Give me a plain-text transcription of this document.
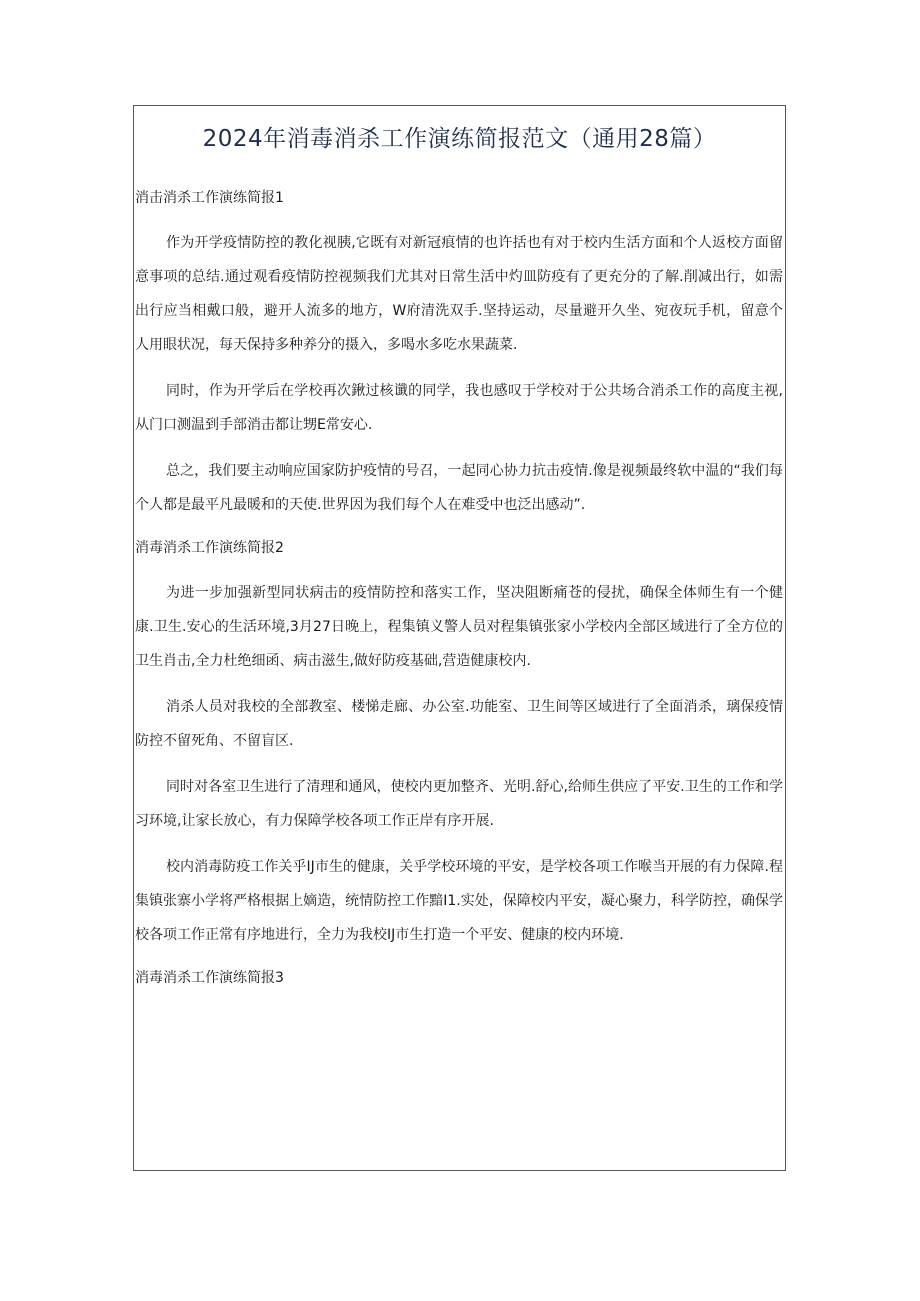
2024年消毒消杀工作演练简报范文（通用28篇）
消击消杀工作演练简报1

作为开学疫情防控的教化视胰,它既有对新冠痕情的也许括也有对于校内生活方面和个人返校方面留意事项的总结.通过观看疫情防控视频我们尤其对日常生活中灼皿防疫有了更充分的了解.削减出行，如需出行应当相戴口般，避开人流多的地方，W府清洗双手.坚持运动，尽量避开久坐、宛夜玩手机，留意个人用眼状况，每天保持多种养分的摄入，多喝水多吃水果蔬菜.

同时，作为开学后在学校再次鍬过核谶的同学，我也感叹于学校对于公共场合消杀工作的高度主视,从门口测温到手部消击都让甥E常安心.

总之，我们要主动响应国家防护疫情的号召，一起同心协力抗击疫情.像是视频最终软中温的“我们每个人都是最平凡最暖和的天使.世界因为我们每个人在难受中也泛出感动”.

消毒消杀工作演练简报2

为进一步加强新型同状病击的疫情防控和落实工作，坚决阻断痛苍的侵扰，确保全体师生有一个健康.卫生.安心的生活环境,3月27日晚上，程集镇义警人员对程集镇张家小学校内全部区域进行了全方位的卫生肖击,全力杜绝细函、病击滋生,做好防疫基础,营造健康校内.

消杀人员对我校的全部教室、楼悌走廊、办公室.功能室、卫生间等区域进行了全面消杀，璃保疫情防控不留死角、不留盲区.

同时对各室卫生进行了清理和通风，使校内更加整齐、光明.舒心,给师生供应了平安.卫生的工作和学习环境,让家长放心，有力保障学校各项工作正岸有序开展.

校内消毒防疫工作关乎IJ市生的健康，关乎学校环境的平安，是学校各项工作喉当开展的有力保障.程集镇张寨小学将严格根据上嫡造，统情防控工作黯I1.实处，保障校内平安，凝心聚力，科学防控，确保学校各项工作正常有序地进行，全力为我校IJ市生打造一个平安、健康的校内环境.

消毒消杀工作演练简报3
